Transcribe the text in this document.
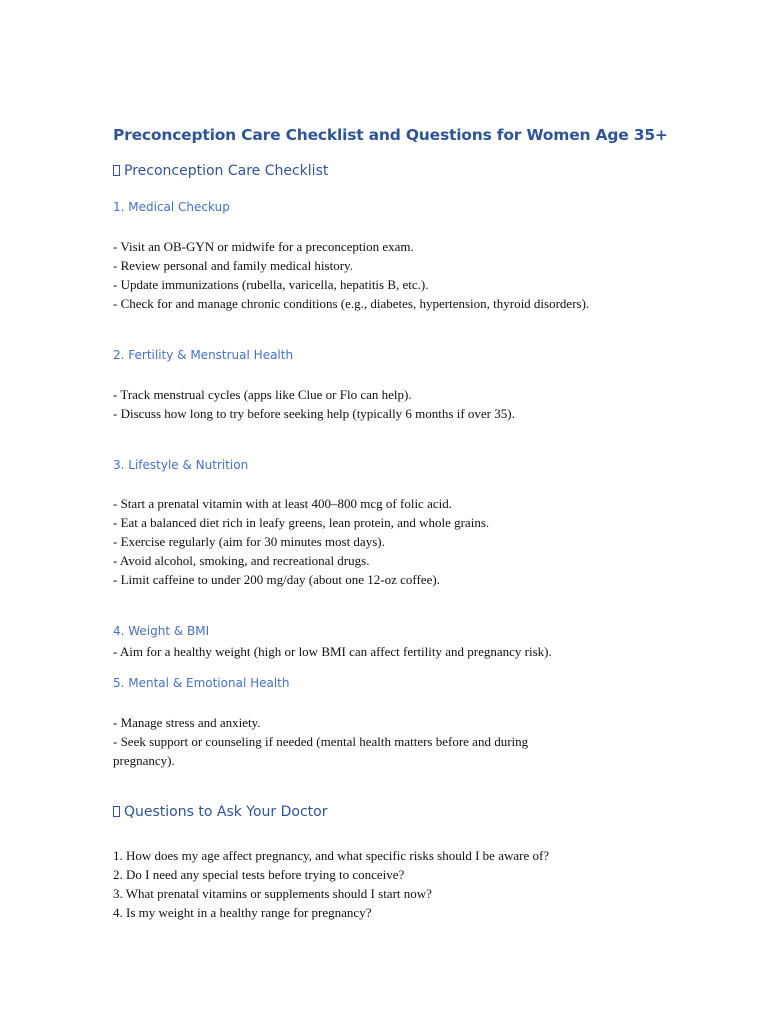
Preconception Care Checklist and Questions for Women Age 35+
Preconception Care Checklist
1. Medical Checkup
- Visit an OB-GYN or midwife for a preconception exam.
- Review personal and family medical history.
- Update immunizations (rubella, varicella, hepatitis B, etc.).
- Check for and manage chronic conditions (e.g., diabetes, hypertension, thyroid disorders).
2. Fertility & Menstrual Health
- Track menstrual cycles (apps like Clue or Flo can help).
- Discuss how long to try before seeking help (typically 6 months if over 35).
3. Lifestyle & Nutrition
- Start a prenatal vitamin with at least 400–800 mcg of folic acid.
- Eat a balanced diet rich in leafy greens, lean protein, and whole grains.
- Exercise regularly (aim for 30 minutes most days).
- Avoid alcohol, smoking, and recreational drugs.
- Limit caffeine to under 200 mg/day (about one 12-oz coffee).
4. Weight & BMI
- Aim for a healthy weight (high or low BMI can affect fertility and pregnancy risk).
5. Mental & Emotional Health
- Manage stress and anxiety.
- Seek support or counseling if needed (mental health matters before and during pregnancy).
Questions to Ask Your Doctor
1. How does my age affect pregnancy, and what specific risks should I be aware of?
2. Do I need any special tests before trying to conceive?
3. What prenatal vitamins or supplements should I start now?
4. Is my weight in a healthy range for pregnancy?
